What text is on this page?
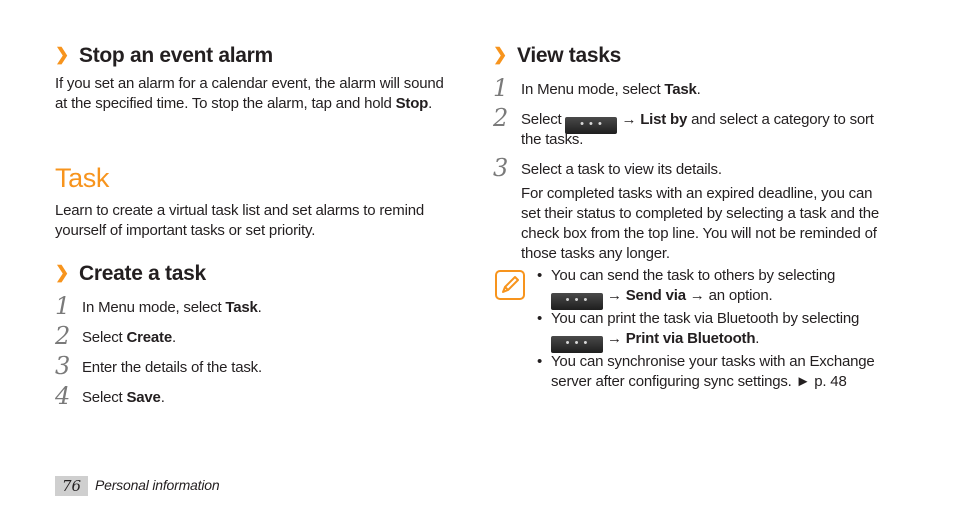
❯ Stop an event alarm
If you set an alarm for a calendar event, the alarm will sound at the specified time. To stop the alarm, tap and hold Stop.
Task
Learn to create a virtual task list and set alarms to remind yourself of important tasks or set priority.
❯ Create a task
1 In Menu mode, select Task.
2 Select Create.
3 Enter the details of the task.
4 Select Save.
❯ View tasks
1 In Menu mode, select Task.
2 Select • • • → List by and select a category to sort
the tasks.
3 Select a task to view its details.
For completed tasks with an expired deadline, you can set their status to completed by selecting a task and the check box from the top line. You will not be reminded of those tasks any longer.
• You can send the task to others by selecting
• • • → Send via → an option.
• You can print the task via Bluetooth by selecting
• • • → Print via Bluetooth.
• You can synchronise your tasks with an Exchange server after configuring sync settings. ► p. 48
76 Personal information
